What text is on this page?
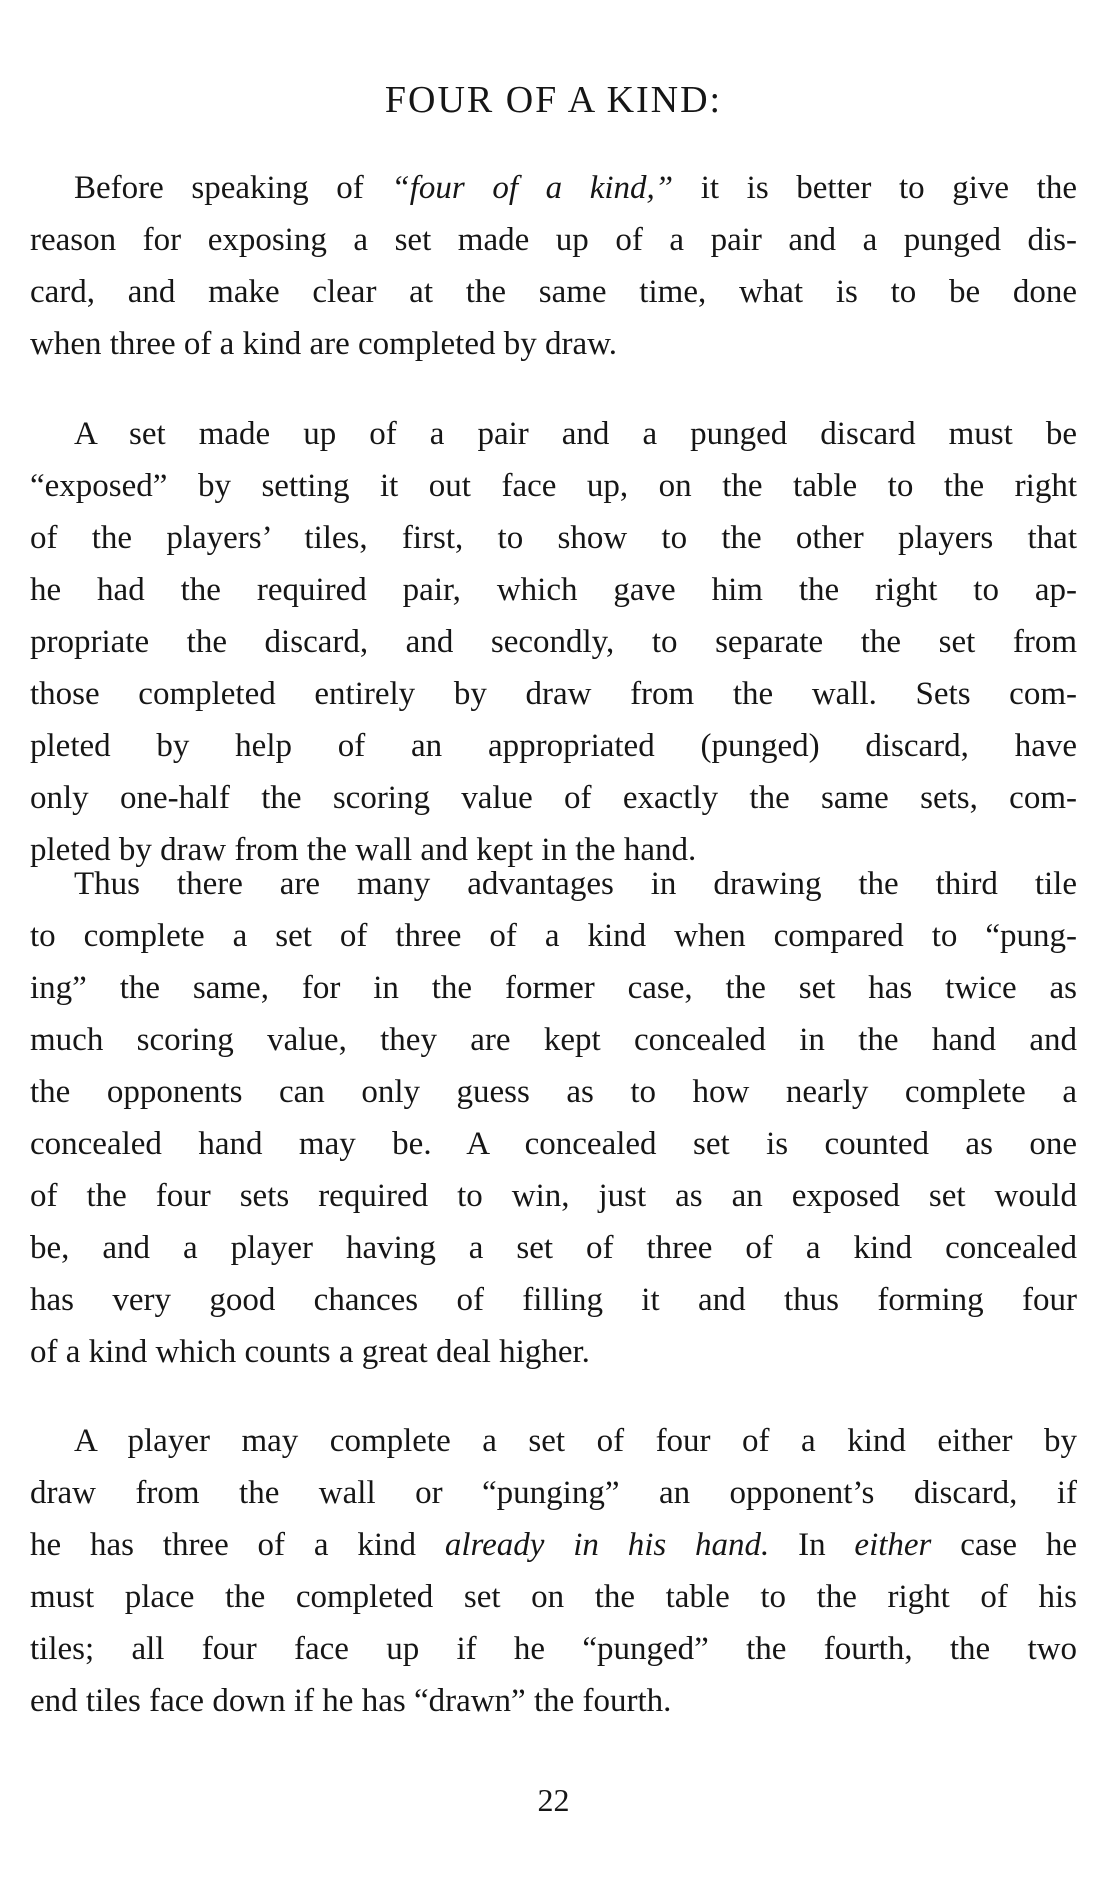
FOUR OF A KIND:

Before speaking of “four of a kind,” it is better to give the
reason for exposing a set made up of a pair and a punged dis-
card, and make clear at the same time, what is to be done
when three of a kind are completed by draw.

A set made up of a pair and a punged discard must be
“exposed” by setting it out face up, on the table to the right
of the players’ tiles, first, to show to the other players that
he had the required pair, which gave him the right to ap-
propriate the discard, and secondly, to separate the set from
those completed entirely by draw from the wall. Sets com-
pleted by help of an appropriated (punged) discard, have
only one-half the scoring value of exactly the same sets, com-
pleted by draw from the wall and kept in the hand.

Thus there are many advantages in drawing the third tile
to complete a set of three of a kind when compared to “pung-
ing” the same, for in the former case, the set has twice as
much scoring value, they are kept concealed in the hand and
the opponents can only guess as to how nearly complete a
concealed hand may be. A concealed set is counted as one
of the four sets required to win, just as an exposed set would
be, and a player having a set of three of a kind concealed
has very good chances of filling it and thus forming four
of a kind which counts a great deal higher.

A player may complete a set of four of a kind either by
draw from the wall or “punging” an opponent’s discard, if
he has three of a kind already in his hand. In either case he
must place the completed set on the table to the right of his
tiles; all four face up if he “punged” the fourth, the two
end tiles face down if he has “drawn” the fourth.

22
